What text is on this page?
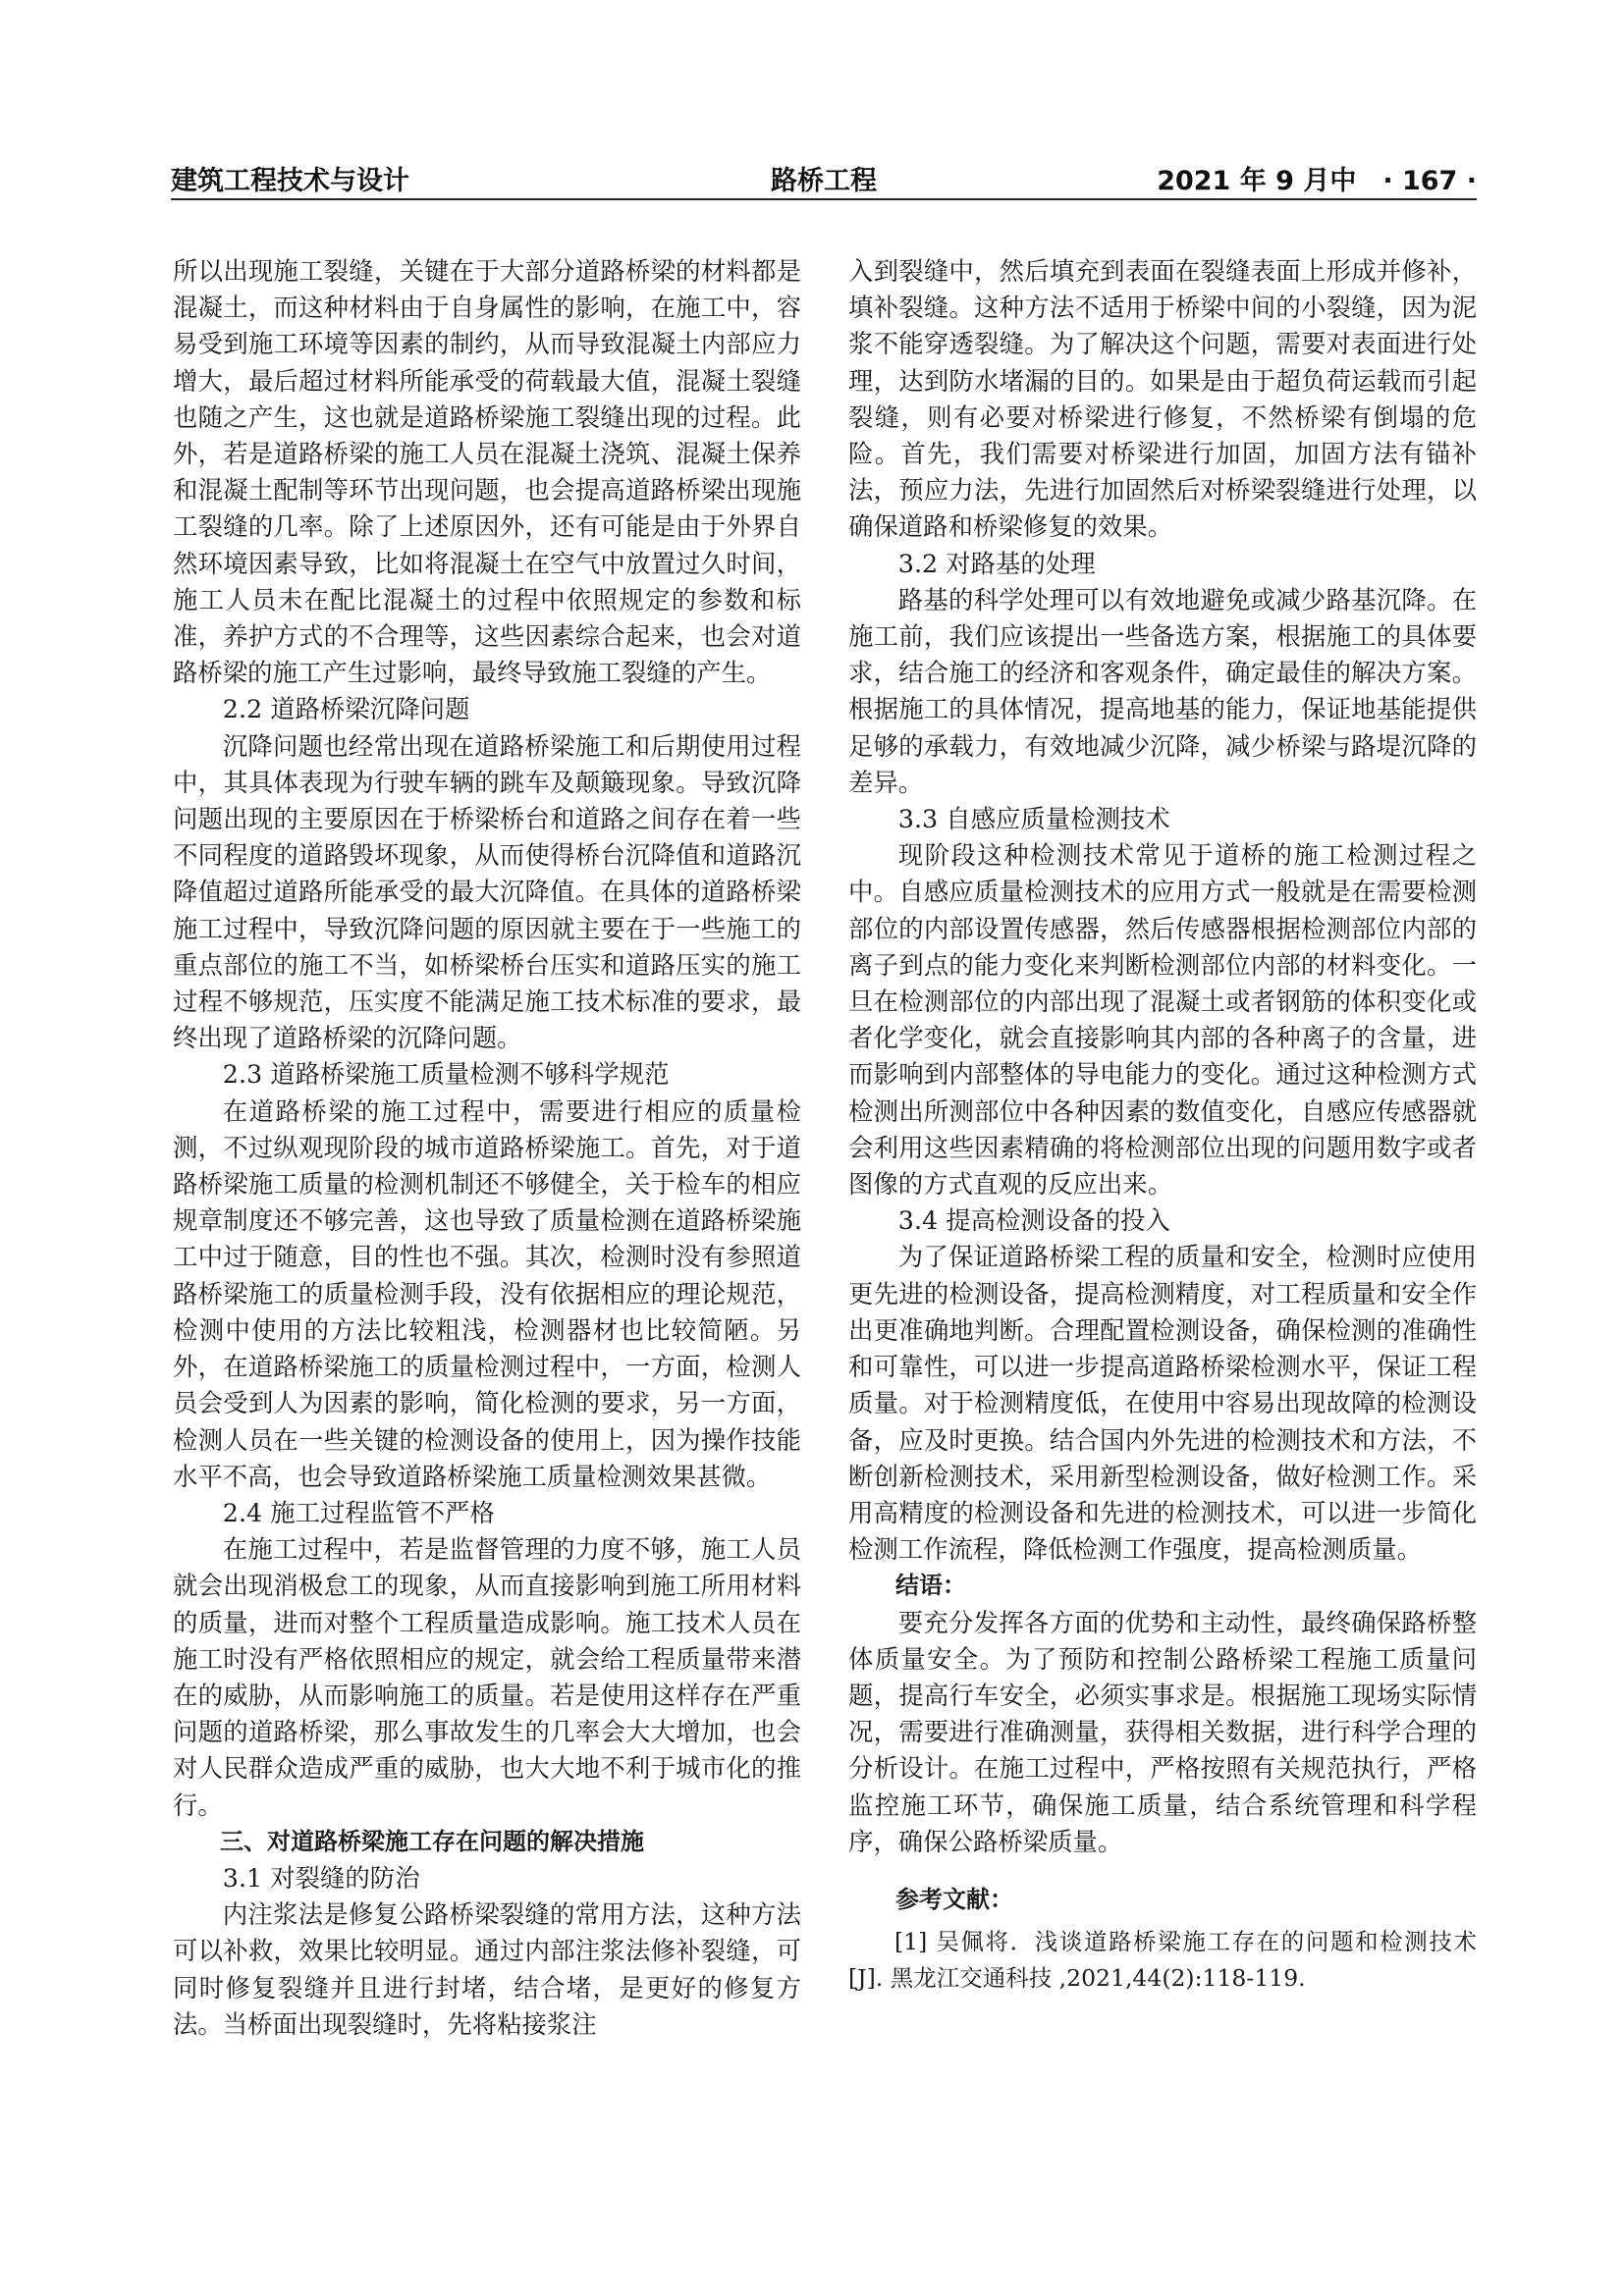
建筑工程技术与设计	路桥工程	2021 年 9 月中　· 167 ·

所以出现施工裂缝，关键在于大部分道路桥梁的材料都是混凝土，而这种材料由于自身属性的影响，在施工中，容易受到施工环境等因素的制约，从而导致混凝土内部应力增大，最后超过材料所能承受的荷载最大值，混凝土裂缝也随之产生，这也就是道路桥梁施工裂缝出现的过程。此外，若是道路桥梁的施工人员在混凝土浇筑、混凝土保养和混凝土配制等环节出现问题，也会提高道路桥梁出现施工裂缝的几率。除了上述原因外，还有可能是由于外界自然环境因素导致，比如将混凝土在空气中放置过久时间，施工人员未在配比混凝土的过程中依照规定的参数和标准，养护方式的不合理等，这些因素综合起来，也会对道路桥梁的施工产生过影响，最终导致施工裂缝的产生。

2.2 道路桥梁沉降问题

沉降问题也经常出现在道路桥梁施工和后期使用过程中，其具体表现为行驶车辆的跳车及颠簸现象。导致沉降问题出现的主要原因在于桥梁桥台和道路之间存在着一些不同程度的道路毁坏现象，从而使得桥台沉降值和道路沉降值超过道路所能承受的最大沉降值。在具体的道路桥梁施工过程中，导致沉降问题的原因就主要在于一些施工的重点部位的施工不当，如桥梁桥台压实和道路压实的施工过程不够规范，压实度不能满足施工技术标准的要求，最终出现了道路桥梁的沉降问题。

2.3 道路桥梁施工质量检测不够科学规范

在道路桥梁的施工过程中，需要进行相应的质量检测，不过纵观现阶段的城市道路桥梁施工。首先，对于道路桥梁施工质量的检测机制还不够健全，关于检车的相应规章制度还不够完善，这也导致了质量检测在道路桥梁施工中过于随意，目的性也不强。其次，检测时没有参照道路桥梁施工的质量检测手段，没有依据相应的理论规范，检测中使用的方法比较粗浅，检测器材也比较简陋。另外，在道路桥梁施工的质量检测过程中，一方面，检测人员会受到人为因素的影响，简化检测的要求，另一方面，检测人员在一些关键的检测设备的使用上，因为操作技能水平不高，也会导致道路桥梁施工质量检测效果甚微。

2.4 施工过程监管不严格

在施工过程中，若是监督管理的力度不够，施工人员就会出现消极怠工的现象，从而直接影响到施工所用材料的质量，进而对整个工程质量造成影响。施工技术人员在施工时没有严格依照相应的规定，就会给工程质量带来潜在的威胁，从而影响施工的质量。若是使用这样存在严重问题的道路桥梁，那么事故发生的几率会大大增加，也会对人民群众造成严重的威胁，也大大地不利于城市化的推行。

三、对道路桥梁施工存在问题的解决措施
3.1 对裂缝的防治

内注浆法是修复公路桥梁裂缝的常用方法，这种方法可以补救，效果比较明显。通过内部注浆法修补裂缝，可同时修复裂缝并且进行封堵，结合堵，是更好的修复方法。当桥面出现裂缝时，先将粘接浆注

入到裂缝中，然后填充到表面在裂缝表面上形成并修补，填补裂缝。这种方法不适用于桥梁中间的小裂缝，因为泥浆不能穿透裂缝。为了解决这个问题，需要对表面进行处理，达到防水堵漏的目的。如果是由于超负荷运载而引起裂缝，则有必要对桥梁进行修复，不然桥梁有倒塌的危险。首先，我们需要对桥梁进行加固，加固方法有锚补法，预应力法，先进行加固然后对桥梁裂缝进行处理，以确保道路和桥梁修复的效果。

3.2 对路基的处理

路基的科学处理可以有效地避免或减少路基沉降。在施工前，我们应该提出一些备选方案，根据施工的具体要求，结合施工的经济和客观条件，确定最佳的解决方案。根据施工的具体情况，提高地基的能力，保证地基能提供足够的承载力，有效地减少沉降，减少桥梁与路堤沉降的差异。

3.3 自感应质量检测技术

现阶段这种检测技术常见于道桥的施工检测过程之中。自感应质量检测技术的应用方式一般就是在需要检测部位的内部设置传感器，然后传感器根据检测部位内部的离子到点的能力变化来判断检测部位内部的材料变化。一旦在检测部位的内部出现了混凝土或者钢筋的体积变化或者化学变化，就会直接影响其内部的各种离子的含量，进而影响到内部整体的导电能力的变化。通过这种检测方式检测出所测部位中各种因素的数值变化，自感应传感器就会利用这些因素精确的将检测部位出现的问题用数字或者图像的方式直观的反应出来。

3.4 提高检测设备的投入

为了保证道路桥梁工程的质量和安全，检测时应使用更先进的检测设备，提高检测精度，对工程质量和安全作出更准确地判断。合理配置检测设备，确保检测的准确性和可靠性，可以进一步提高道路桥梁检测水平，保证工程质量。对于检测精度低，在使用中容易出现故障的检测设备，应及时更换。结合国内外先进的检测技术和方法，不断创新检测技术，采用新型检测设备，做好检测工作。采用高精度的检测设备和先进的检测技术，可以进一步简化检测工作流程，降低检测工作强度，提高检测质量。

结语：

要充分发挥各方面的优势和主动性，最终确保路桥整体质量安全。为了预防和控制公路桥梁工程施工质量问题，提高行车安全，必须实事求是。根据施工现场实际情况，需要进行准确测量，获得相关数据，进行科学合理的分析设计。在施工过程中，严格按照有关规范执行，严格监控施工环节，确保施工质量，结合系统管理和科学程序，确保公路桥梁质量。

参考文献：

[1] 吴佩将．浅谈道路桥梁施工存在的问题和检测技术 [J]. 黑龙江交通科技 ,2021,44(2):118-119.
